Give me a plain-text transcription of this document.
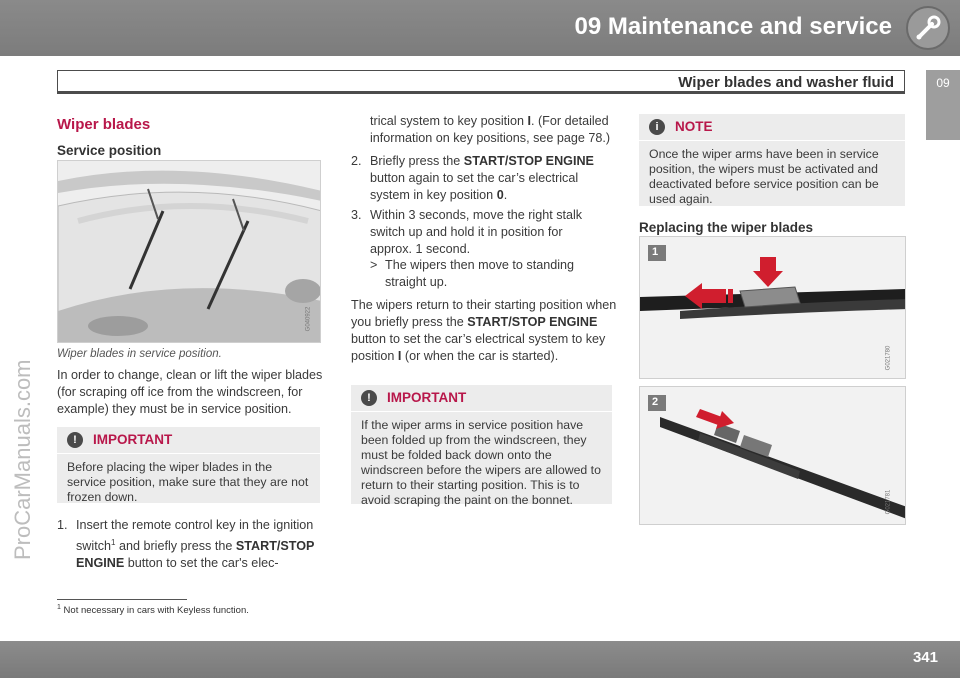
09 Maintenance and service
Wiper blades and washer fluid	09
ProCarManuals.com
Wiper blades
Service position
G040922
Wiper blades in service position.
In order to change, clean or lift the wiper blades (for scraping off ice from the windscreen, for example) they must be in service position.
!	IMPORTANT
Before placing the wiper blades in the service position, make sure that they are not frozen down.
1. Insert the remote control key in the ignition switch$^1$ and briefly press the START/STOP ENGINE button to set the car's elec-
trical system to key position I. (For detailed information on key positions, see page 78.)
2. Briefly press the START/STOP ENGINE button again to set the car’s electrical system in key position 0.
3. Within 3 seconds, move the right stalk switch up and hold it in position for approx. 1 second.
> The wipers then move to standing straight up.
The wipers return to their starting position when you briefly press the START/STOP ENGINE button to set the car’s electrical system to key position I (or when the car is started).
!	IMPORTANT
If the wiper arms in service position have been folded up from the windscreen, they must be folded back down onto the windscreen before the wipers are allowed to return to their starting position. This is to avoid scraping the paint on the bonnet.
i	NOTE
Once the wiper arms have been in service position, the wipers must be activated and deactivated before service position can be used again.
Replacing the wiper blades
1
G021780
2
G021781
$^1$ Not necessary in cars with Keyless function.
341
